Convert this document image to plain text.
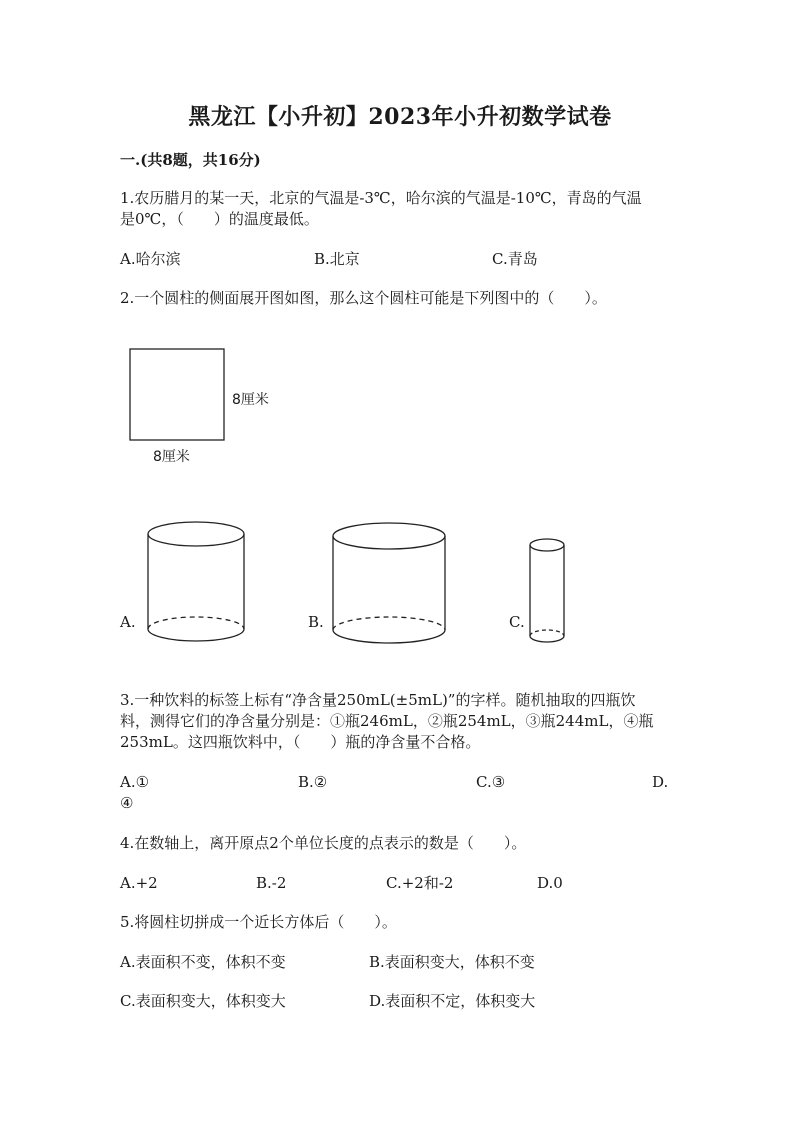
黑龙江【小升初】2023年小升初数学试卷
一.(共8题，共16分)
1.农历腊月的某一天，北京的气温是-3℃，哈尔滨的气温是-10℃，青岛的气温
是0℃，（　　）的温度最低。
A.哈尔滨	B.北京	C.青岛
2.一个圆柱的侧面展开图如图，那么这个圆柱可能是下列图中的（　　）。
8厘米
8厘米
A.	B.	C.
3.一种饮料的标签上标有“净含量250mL(±5mL)”的字样。随机抽取的四瓶饮
料，测得它们的净含量分别是：①瓶246mL，②瓶254mL，③瓶244mL，④瓶
253mL。这四瓶饮料中，（　　）瓶的净含量不合格。
A.①	B.②	C.③	D.
④
4.在数轴上，离开原点2个单位长度的点表示的数是（　　）。
A.+2	B.-2	C.+2和-2	D.0
5.将圆柱切拼成一个近长方体后（　　）。
A.表面积不变，体积不变	B.表面积变大，体积不变
C.表面积变大，体积变大	D.表面积不定，体积变大
